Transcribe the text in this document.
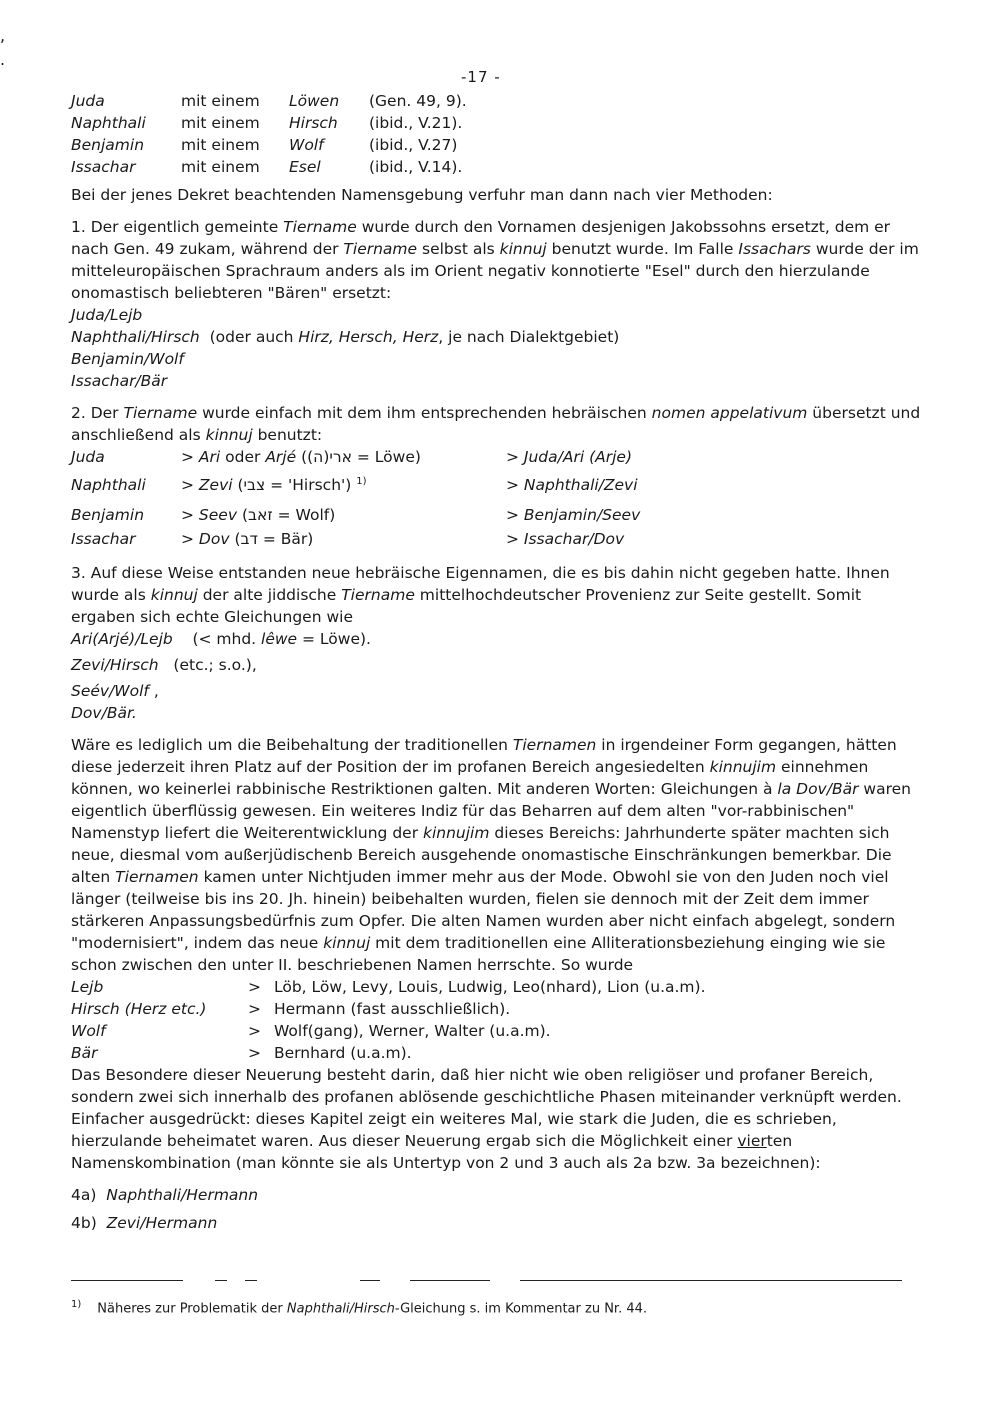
,
.
-17 -
Juda	mit einem	Löwen	(Gen. 49, 9).
Naphthali	mit einem	Hirsch	(ibid., V.21).
Benjamin	mit einem	Wolf	(ibid., V.27)
Issachar	mit einem	Esel	(ibid., V.14).

Bei der jenes Dekret beachtenden Namensgebung verfuhr man dann nach vier Methoden:

1. Der eigentlich gemeinte Tiername wurde durch den Vornamen desjenigen Jakobssohns ersetzt, dem er nach Gen. 49 zukam, während der Tiername selbst als kinnuj benutzt wurde. Im Falle Issachars wurde der im mitteleuropäischen Sprachraum anders als im Orient negativ konnotierte "Esel" durch den hierzulande onomastisch beliebteren "Bären" ersetzt:

Juda/Lejb
Naphthali/Hirsch (oder auch Hirz, Hersch, Herz, je nach Dialektgebiet)
Benjamin/Wolf
Issachar/Bär

2. Der Tiername wurde einfach mit dem ihm entsprechenden hebräischen nomen appelativum übersetzt und anschließend als kinnuj benutzt:

Juda	> Ari oder Arjé ((ה)ארי = Löwe)	> Juda/Ari (Arje)
Naphthali	> Zevi (צבי = 'Hirsch') $^{1)}$	> Naphthali/Zevi
Benjamin	> Seev (זאב = Wolf)	> Benjamin/Seev
Issachar	> Dov (דב = Bär)	> Issachar/Dov

3. Auf diese Weise entstanden neue hebräische Eigennamen, die es bis dahin nicht gegeben hatte. Ihnen wurde als kinnuj der alte jiddische Tiername mittelhochdeutscher Provenienz zur Seite gestellt. Somit ergaben sich echte Gleichungen wie

Ari(Arjé)/Lejb (< mhd. lêwe = Löwe).
Zevi/Hirsch (etc.; s.o.),
Seév/Wolf ,
Dov/Bär.

Wäre es lediglich um die Beibehaltung der traditionellen Tiernamen in irgendeiner Form gegangen, hätten diese jederzeit ihren Platz auf der Position der im profanen Bereich angesiedelten kinnujim einnehmen können, wo keinerlei rabbinische Restriktionen galten. Mit anderen Worten: Gleichungen à la Dov/Bär waren eigentlich überflüssig gewesen. Ein weiteres Indiz für das Beharren auf dem alten "vor-rabbinischen" Namenstyp liefert die Weiterentwicklung der kinnujim dieses Bereichs: Jahrhunderte später machten sich neue, diesmal vom außerjüdischenb Bereich ausgehende onomastische Einschränkungen bemerkbar. Die alten Tiernamen kamen unter Nichtjuden immer mehr aus der Mode. Obwohl sie von den Juden noch viel länger (teilweise bis ins 20. Jh. hinein) beibehalten wurden, fielen sie dennoch mit der Zeit dem immer stärkeren Anpassungsbedürfnis zum Opfer. Die alten Namen wurden aber nicht einfach abgelegt, sondern "modernisiert", indem das neue kinnuj mit dem traditionellen eine Alliterationsbeziehung einging wie sie schon zwischen den unter II. beschriebenen Namen herrschte. So wurde

Lejb	> Löb, Löw, Levy, Louis, Ludwig, Leo(nhard), Lion (u.a.m).
Hirsch (Herz etc.)	> Hermann (fast ausschließlich).
Wolf	> Wolf(gang), Werner, Walter (u.a.m).
Bär	> Bernhard (u.a.m).

Das Besondere dieser Neuerung besteht darin, daß hier nicht wie oben religiöser und profaner Bereich, sondern zwei sich innerhalb des profanen ablösende geschichtliche Phasen miteinander verknüpft werden. Einfacher ausgedrückt: dieses Kapitel zeigt ein weiteres Mal, wie stark die Juden, die es schrieben, hierzulande beheimatet waren. Aus dieser Neuerung ergab sich die Möglichkeit einer vierten Namenskombination (man könnte sie als Untertyp von 2 und 3 auch als 2a bzw. 3a bezeichnen):

4a) Naphthali/Hermann
4b) Zevi/Hermann
$^{1)}$ Näheres zur Problematik der Naphthali/Hirsch-Gleichung s. im Kommentar zu Nr. 44.
